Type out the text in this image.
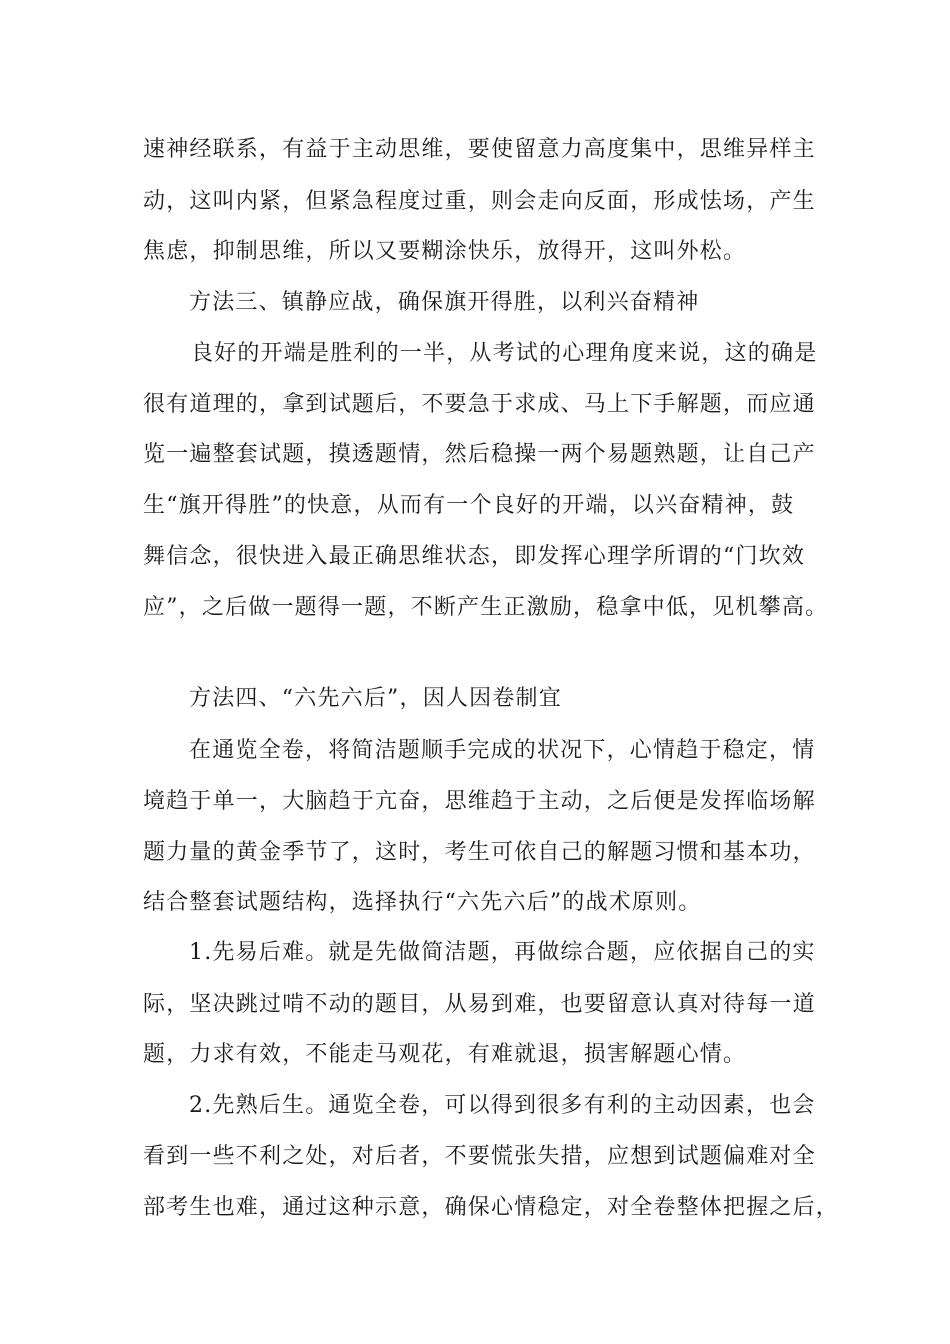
速神经联系，有益于主动思维，要使留意力高度集中，思维异样主

动，这叫内紧，但紧急程度过重，则会走向反面，形成怯场，产生

焦虑，抑制思维，所以又要糊涂快乐，放得开，这叫外松。

方法三、镇静应战，确保旗开得胜，以利兴奋精神

良好的开端是胜利的一半，从考试的心理角度来说，这的确是

很有道理的，拿到试题后，不要急于求成、马上下手解题，而应通

览一遍整套试题，摸透题情，然后稳操一两个易题熟题，让自己产

生“旗开得胜”的快意，从而有一个良好的开端，以兴奋精神，鼓

舞信念，很快进入最正确思维状态，即发挥心理学所谓的“门坎效

应”，之后做一题得一题，不断产生正激励，稳拿中低，见机攀高。

方法四、“六先六后”，因人因卷制宜

在通览全卷，将简洁题顺手完成的状况下，心情趋于稳定，情

境趋于单一，大脑趋于亢奋，思维趋于主动，之后便是发挥临场解

题力量的黄金季节了，这时，考生可依自己的解题习惯和基本功，

结合整套试题结构，选择执行“六先六后”的战术原则。

1.先易后难。就是先做简洁题，再做综合题，应依据自己的实

际，坚决跳过啃不动的题目，从易到难，也要留意认真对待每一道

题，力求有效，不能走马观花，有难就退，损害解题心情。

2.先熟后生。通览全卷，可以得到很多有利的主动因素，也会

看到一些不利之处，对后者，不要慌张失措，应想到试题偏难对全

部考生也难，通过这种示意，确保心情稳定，对全卷整体把握之后，
